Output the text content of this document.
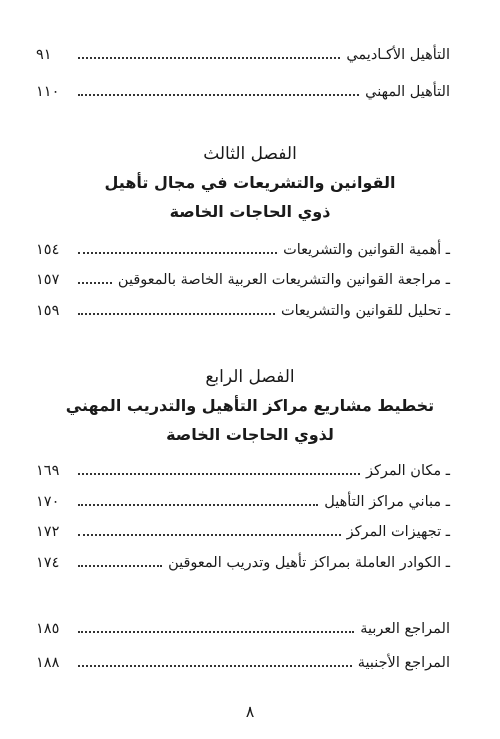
التأهيل الأكـاديمي
٩١
التأهيل المهني
١١٠
الفصل الثالث
القوانين والتشريعات في مجال تأهيل
ذوي الحاجات الخاصة
ـ أهمية القوانين والتشريعات
١٥٤
ـ مراجعة القوانين والتشريعات العربية الخاصة بالمعوقين
١٥٧
ـ تحليل للقوانين والتشريعات
١٥٩
الفصل الرابع
تخطيط مشاريع مراكز التأهيل والتدريب المهني
لذوي الحاجات الخاصة
ـ مكان المركز
١٦٩
ـ مباني مراكز التأهيل
١٧٠
ـ تجهيزات المركز
١٧٢
ـ الكوادر العاملة بمراكز تأهيل وتدريب المعوقين
١٧٤
المراجع العربية
١٨٥
المراجع الأجنبية
١٨٨
٨
